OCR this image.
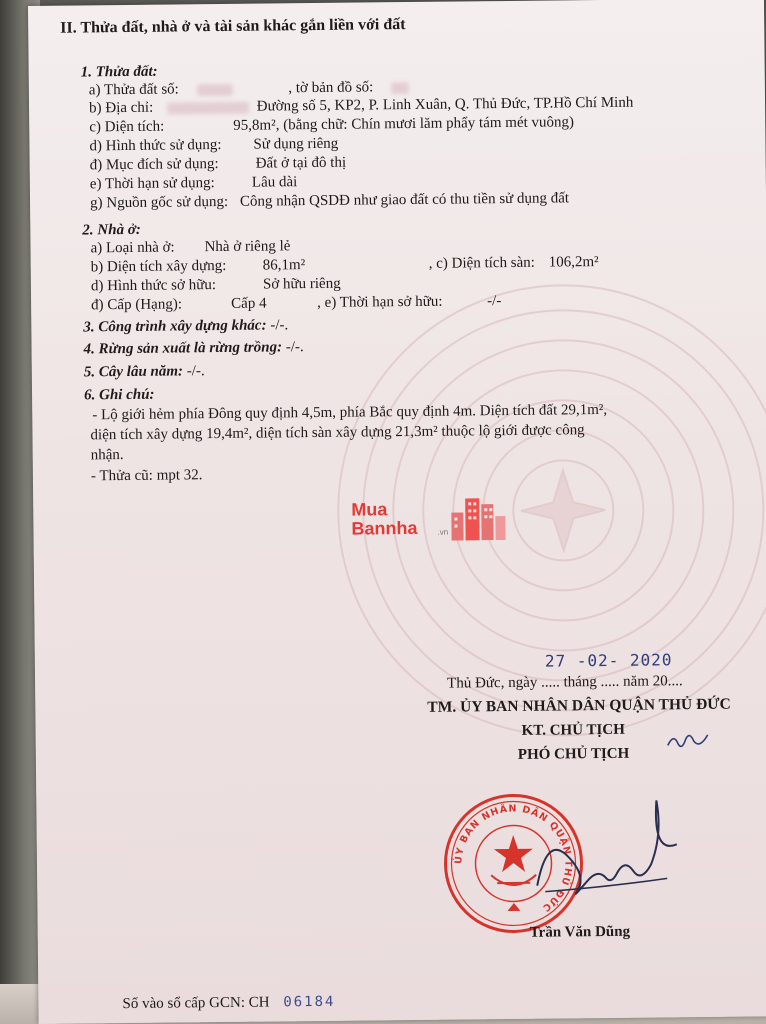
II. Thửa đất, nhà ở và tài sản khác gắn liền với đất
1. Thửa đất:
a) Thửa đất số:	, tờ bản đồ số:
b) Địa chỉ:	Đường số 5, KP2, P. Linh Xuân, Q. Thủ Đức, TP.Hồ Chí Minh
c) Diện tích:	95,8m², (bằng chữ: Chín mươi lăm phẩy tám mét vuông)
d) Hình thức sử dụng: Sử dụng riêng
đ) Mục đích sử dụng: Đất ở tại đô thị
e) Thời hạn sử dụng: Lâu dài
g) Nguồn gốc sử dụng: Công nhận QSDĐ như giao đất có thu tiền sử dụng đất
2. Nhà ở:
a) Loại nhà ở: Nhà ở riêng lẻ
b) Diện tích xây dựng: 86,1m²	, c) Diện tích sàn: 106,2m²
d) Hình thức sở hữu:	Sở hữu riêng
đ) Cấp (Hạng):	Cấp 4	, e) Thời hạn sở hữu:	-/-
3. Công trình xây dựng khác: -/-.
4. Rừng sản xuất là rừng trồng: -/-.
5. Cây lâu năm: -/-.
6. Ghi chú:
- Lộ giới hẻm phía Đông quy định 4,5m, phía Bắc quy định 4m. Diện tích đất 29,1m²,
diện tích xây dựng 19,4m², diện tích sàn xây dựng 21,3m² thuộc lộ giới được công
nhận.
- Thửa cũ: mpt 32.
Mua
Bannha .vn
27 -02- 2020
Thủ Đức, ngày ..... tháng ..... năm 20....
TM. ỦY BAN NHÂN DÂN QUẬN THỦ ĐỨC
KT. CHỦ TỊCH
PHÓ CHỦ TỊCH
ỦY BAN NHÂN DÂN QUẬN THỦ ĐỨC
Trần Văn Dũng
Số vào sổ cấp GCN: CH 06184
